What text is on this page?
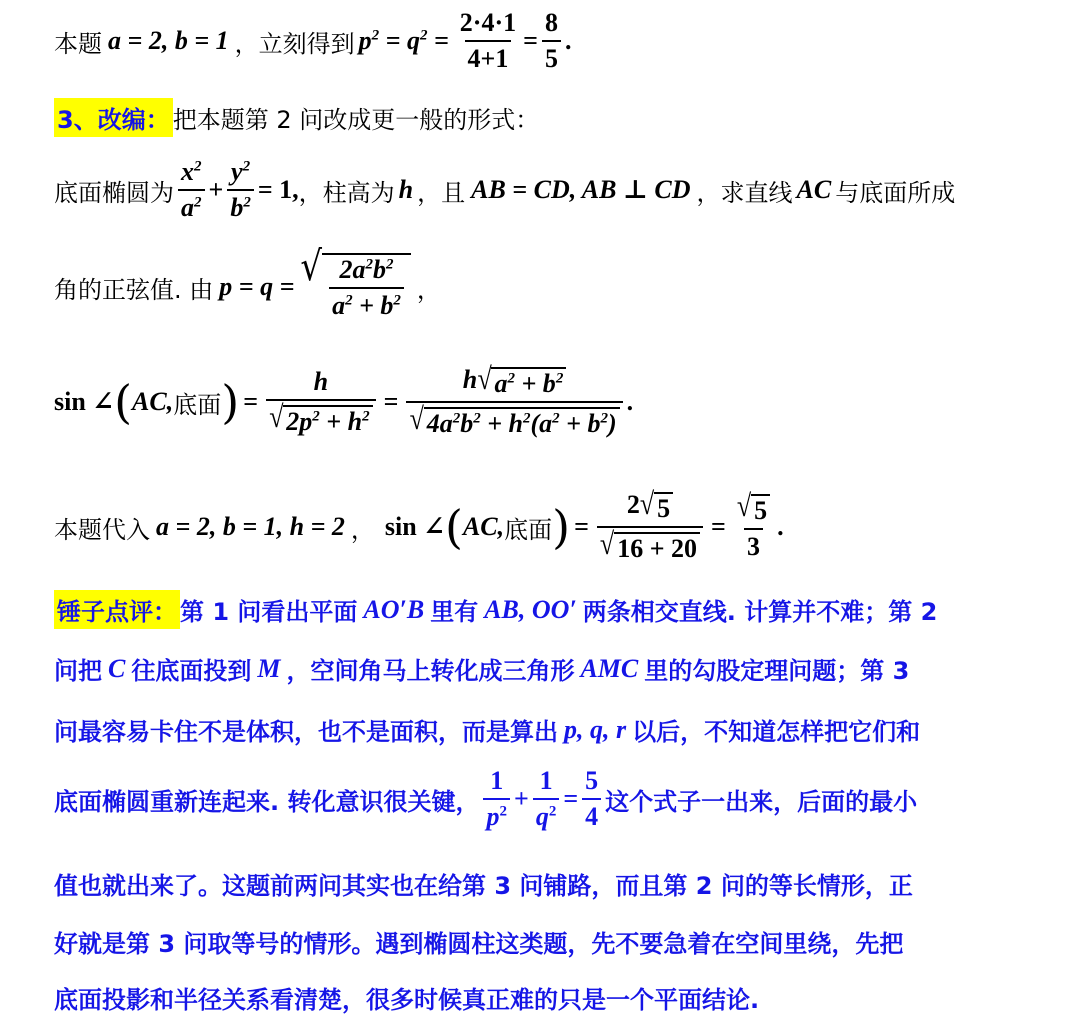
本题 a = 2, b = 1 ，立刻得到 $p^2 = q^2 = \frac{2\cdot 4\cdot 1}{4+1} = \frac{8}{5}$ .
3、改编： 把本题第 2 问改成更一般的形式：
底面椭圆为 $\frac{x^2}{a^2} + \frac{y^2}{b^2} = 1$, ，柱高为 h ，且 AB = CD, AB ⊥ CD ，求直线 AC 与底面所成
角的正弦值. 由 p = q = √ $\frac{2a^2b^2}{a^2 + b^2}$ ，
sin ∠ ( AC, 底面 ) = $\frac{h}{√ 2p^2 + h^2} = \frac{h √ a^2 + b^2}{√ 4a^2b^2 + h^2(a^2 + b^2)}$ .
本题代入 a = 2, b = 1, h = 2 ， sin ∠ ( AC, 底面 ) = $\frac{2 √ 5}{√ 16 + 20} = \frac{√ 5}{3}$ .
锤子点评： 第 1 问看出平面 AO′B 里有 AB, OO′ 两条相交直线. 计算并不难；第 2
问把 C 往底面投到 M ，空间角马上转化成三角形 AMC 里的勾股定理问题；第 3
问最容易卡住不是体积，也不是面积，而是算出 p, q, r 以后，不知道怎样把它们和
底面椭圆重新连起来. 转化意识很关键， $\frac{1}{p^2} + \frac{1}{q^2} = \frac{5}{4}$ 这个式子一出来，后面的最小
值也就出来了。这题前两问其实也在给第 3 问铺路，而且第 2 问的等长情形，正
好就是第 3 问取等号的情形。遇到椭圆柱这类题，先不要急着在空间里绕，先把
底面投影和半径关系看清楚，很多时候真正难的只是一个平面结论.
